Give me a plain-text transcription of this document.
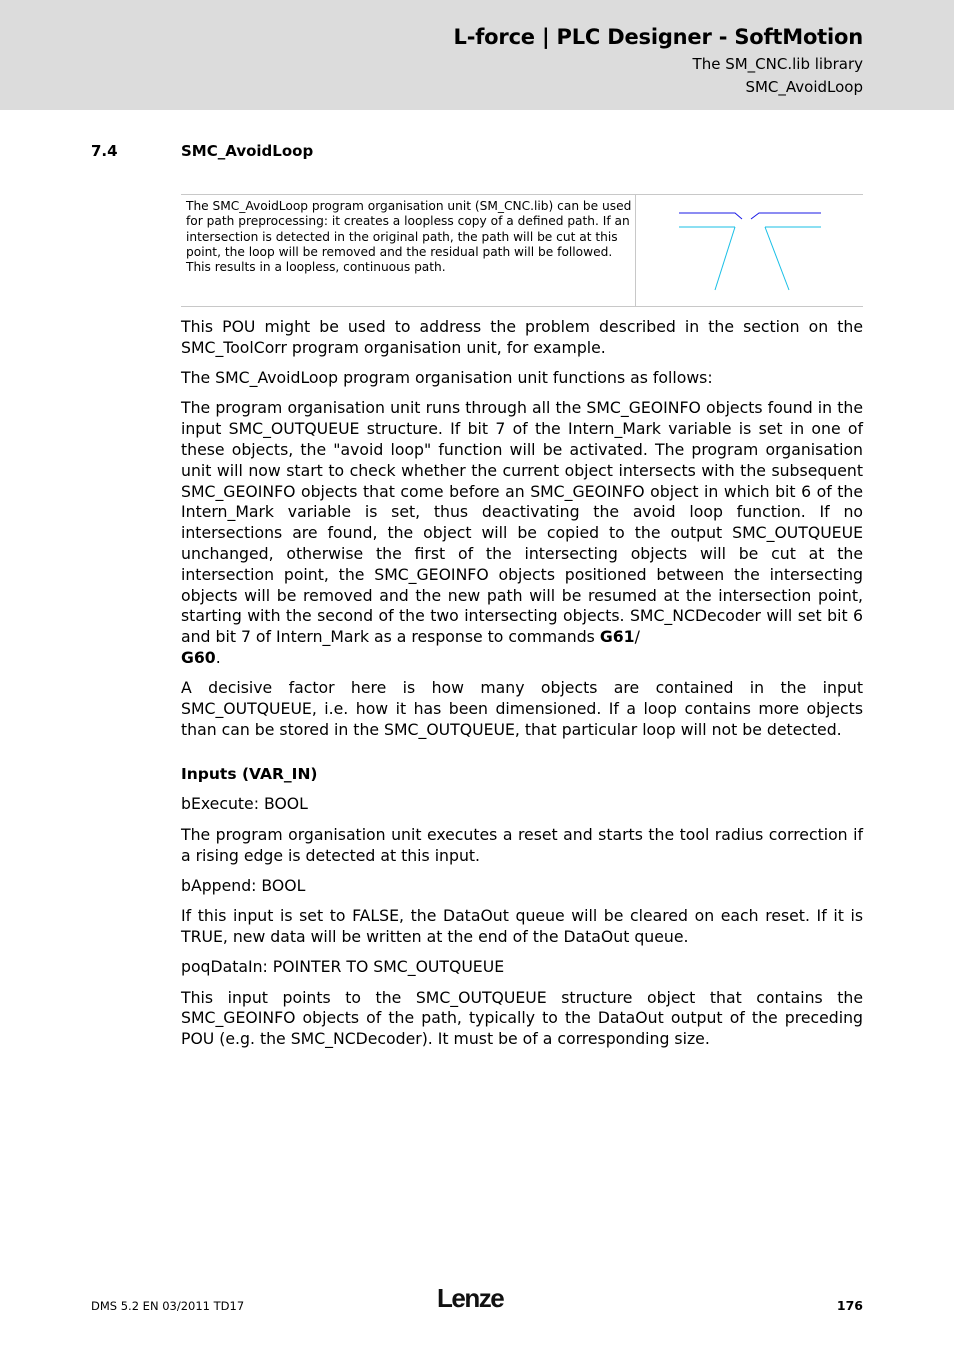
L-force | PLC Designer - SoftMotion
The SM_CNC.lib library
SMC_AvoidLoop
7.4	SMC_AvoidLoop
The SMC_AvoidLoop program organisation unit (SM_CNC.lib) can be used for path preprocessing: it creates a loopless copy of a defined path. If an intersection is detected in the original path, the path will be cut at this point, the loop will be removed and the residual path will be followed. This results in a loopless, continuous path.

This POU might be used to address the problem described in the section on the SMC_ToolCorr program organisation unit, for example.

The SMC_AvoidLoop program organisation unit functions as follows:

The program organisation unit runs through all the SMC_GEOINFO objects found in the input SMC_OUTQUEUE structure. If bit 7 of the Intern_Mark variable is set in one of these objects, the "avoid loop" function will be activated. The program organisation unit will now start to check whether the current object intersects with the subsequent SMC_GEOINFO objects that come before an SMC_GEOINFO object in which bit 6 of the Intern_Mark variable is set, thus deactivating the avoid loop function. If no intersections are found, the object will be copied to the output SMC_OUTQUEUE unchanged, otherwise the first of the intersecting objects will be cut at the intersection point, the SMC_GEOINFO objects positioned between the intersecting objects will be removed and the new path will be resumed at the intersection point, starting with the second of the two intersecting objects. SMC_NCDecoder will set bit 6 and bit 7 of Intern_Mark as a response to commands G61/
G60.

A decisive factor here is how many objects are contained in the input SMC_OUTQUEUE, i.e. how it has been dimensioned. If a loop contains more objects than can be stored in the SMC_OUTQUEUE, that particular loop will not be detected.

Inputs (VAR_IN)

bExecute: BOOL

The program organisation unit executes a reset and starts the tool radius correction if a rising edge is detected at this input.

bAppend: BOOL

If this input is set to FALSE, the DataOut queue will be cleared on each reset. If it is TRUE, new data will be written at the end of the DataOut queue.

poqDataIn: POINTER TO SMC_OUTQUEUE

This input points to the SMC_OUTQUEUE structure object that contains the SMC_GEOINFO objects of the path, typically to the DataOut output of the preceding POU (e.g. the SMC_NCDecoder). It must be of a corresponding size.

DMS 5.2 EN 03/2011 TD17	Lenze	176
